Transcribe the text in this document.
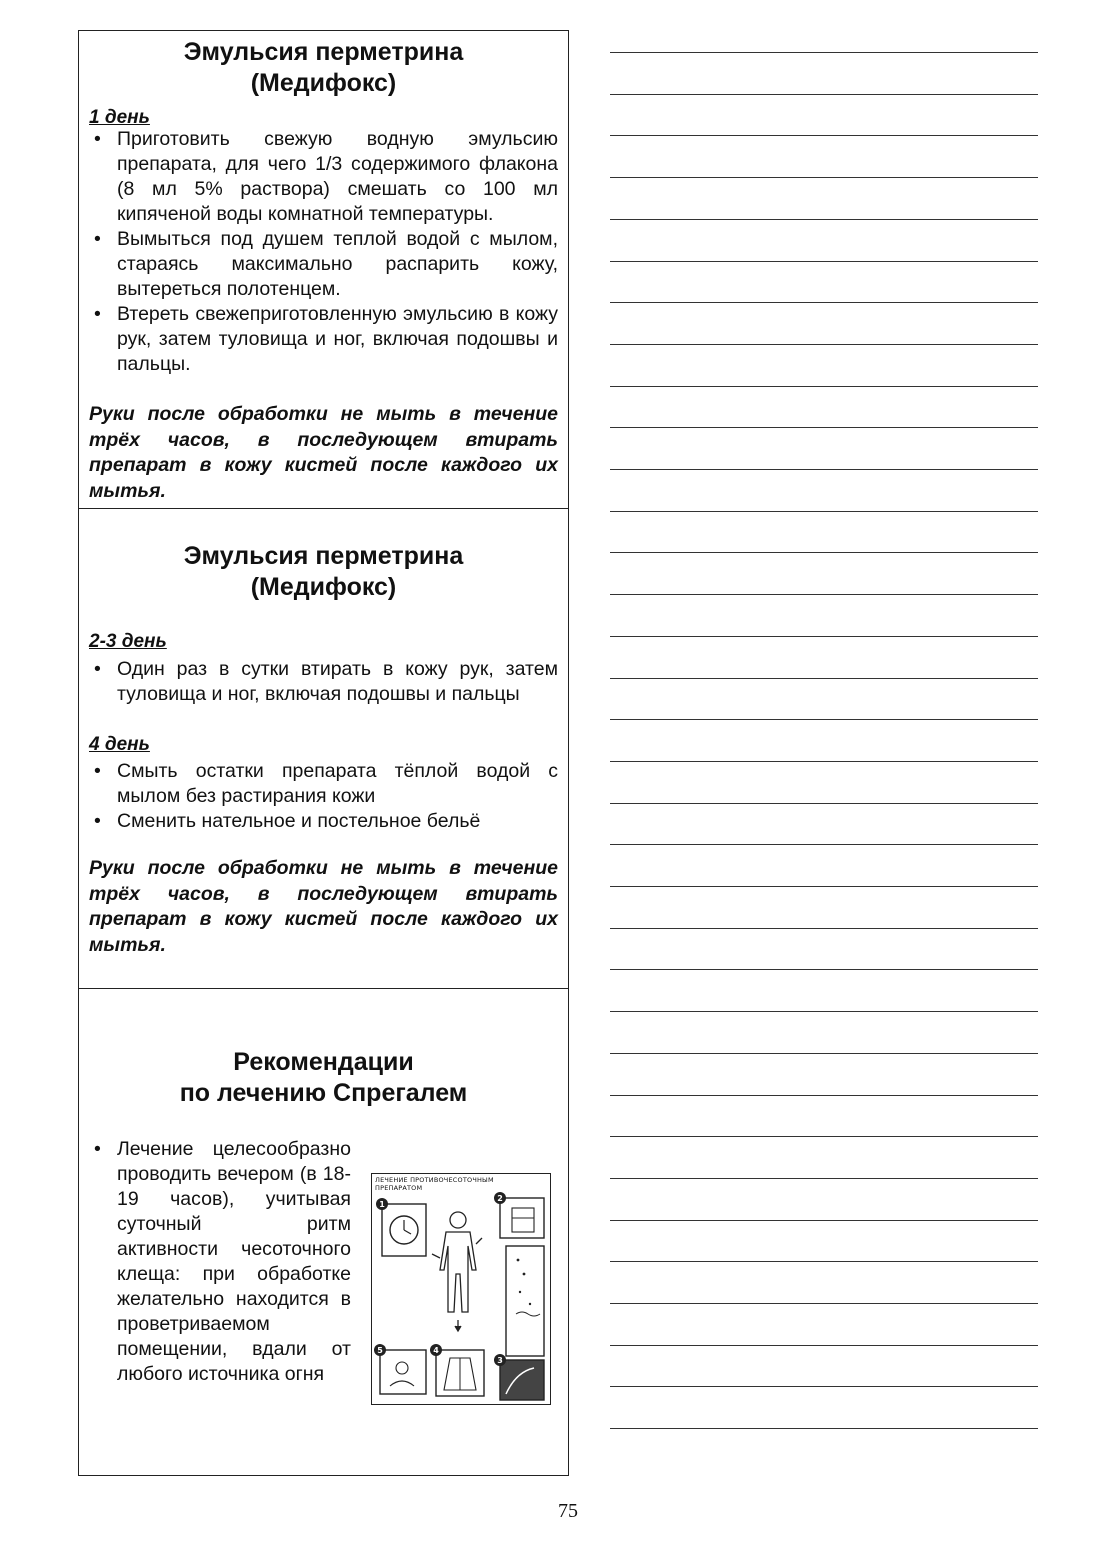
Эмульсия перметрина
(Медифокс)

1 день

• Приготовить свежую водную эмульсию препарата, для чего 1/3 содержимого флакона (8 мл 5% раствора) смешать со 100 мл кипяченой воды комнатной температуры.
• Вымыться под душем теплой водой с мылом, стараясь максимально распарить кожу, вытереться полотенцем.
• Втереть свежеприготовленную эмульсию в кожу рук, затем туловища и ног, включая подошвы и пальцы.

Руки после обработки не мыть в течение трёх часов, в последующем втирать препарат в кожу кистей после каждого их мытья.

Эмульсия перметрина
(Медифокс)

2-3 день

• Один раз в сутки втирать в кожу рук, затем туловища и ног, включая подошвы и пальцы

4 день

• Смыть остатки препарата тёплой водой с мылом без растирания кожи
• Сменить нательное и постельное бельё

Руки после обработки не мыть в течение трёх часов, в последующем втирать препарат в кожу кистей после каждого их мытья.

Рекомендации
по лечению Спрегалем
• Лечение целесообразно проводить вечером (в 18-19 часов), учитывая суточный ритм активности чесоточного клеща: при обработке желательно находится в проветриваемом помещении, вдали от любого источника огня
ЛЕЧЕНИЕ ПРОТИВОЧЕСОТОЧНЫМ
ПРЕПАРАТОМ
1
2
3
4
5
75
